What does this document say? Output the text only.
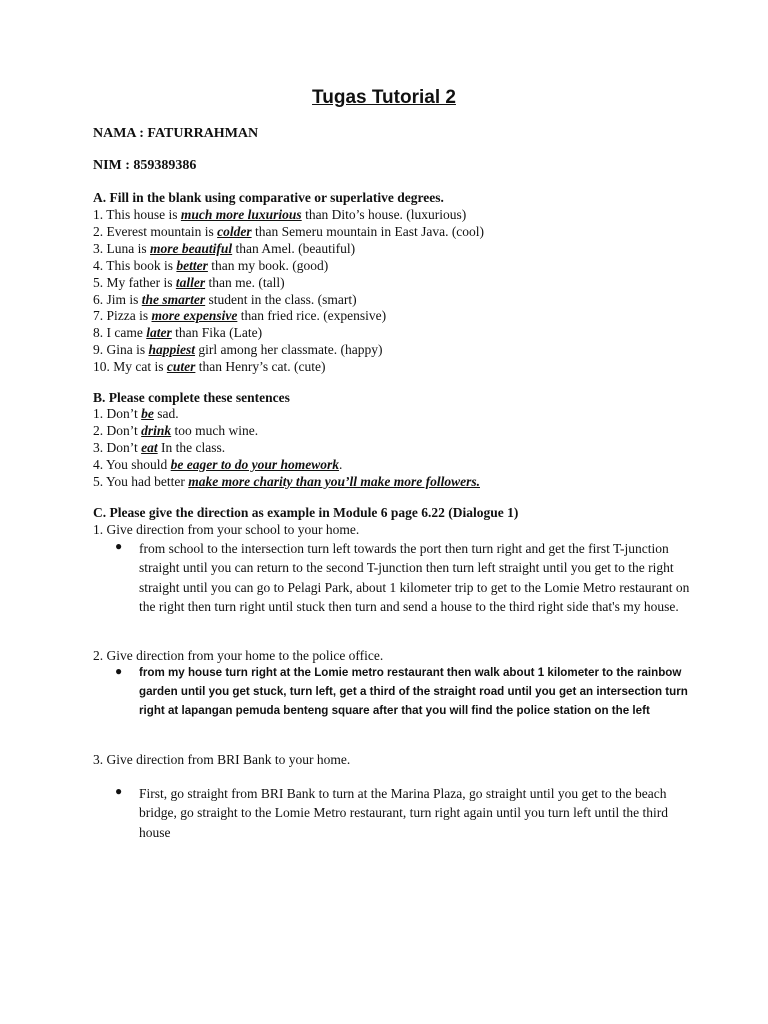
Tugas Tutorial 2
NAMA : FATURRAHMAN
NIM : 859389386
A. Fill in the blank using comparative or superlative degrees.
1. This house is much more luxurious than Dito’s house. (luxurious)
2. Everest mountain is colder than Semeru mountain in East Java. (cool)
3. Luna is more beautiful than Amel. (beautiful)
4. This book is better than my book. (good)
5. My father is taller than me. (tall)
6. Jim is the smarter student in the class. (smart)
7. Pizza is more expensive than fried rice. (expensive)
8. I came later than Fika (Late)
9. Gina is happiest girl among her classmate. (happy)
10. My cat is cuter than Henry’s cat. (cute)
B. Please complete these sentences
1. Don’t be sad.
2. Don’t drink too much wine.
3. Don’t eat In the class.
4. You should be eager to do your homework.
5. You had better make more charity than you’ll make more followers.
C. Please give the direction as example in Module 6 page 6.22 (Dialogue 1)
1. Give direction from your school to your home.
● from school to the intersection turn left towards the port then turn right and get the first T-junction straight until you can return to the second T-junction then turn left straight until you get to the right straight until you can go to Pelagi Park, about 1 kilometer trip to get to the Lomie Metro restaurant on the right then turn right until stuck then turn and send a house to the third right side that's my house.
2. Give direction from your home to the police office.
● from my house turn right at the Lomie metro restaurant then walk about 1 kilometer to the rainbow garden until you get stuck, turn left, get a third of the straight road until you get an intersection turn right at lapangan pemuda benteng square after that you will find the police station on the left
3. Give direction from BRI Bank to your home.
● First, go straight from BRI Bank to turn at the Marina Plaza, go straight until you get to the beach bridge, go straight to the Lomie Metro restaurant, turn right again until you turn left until the third house
